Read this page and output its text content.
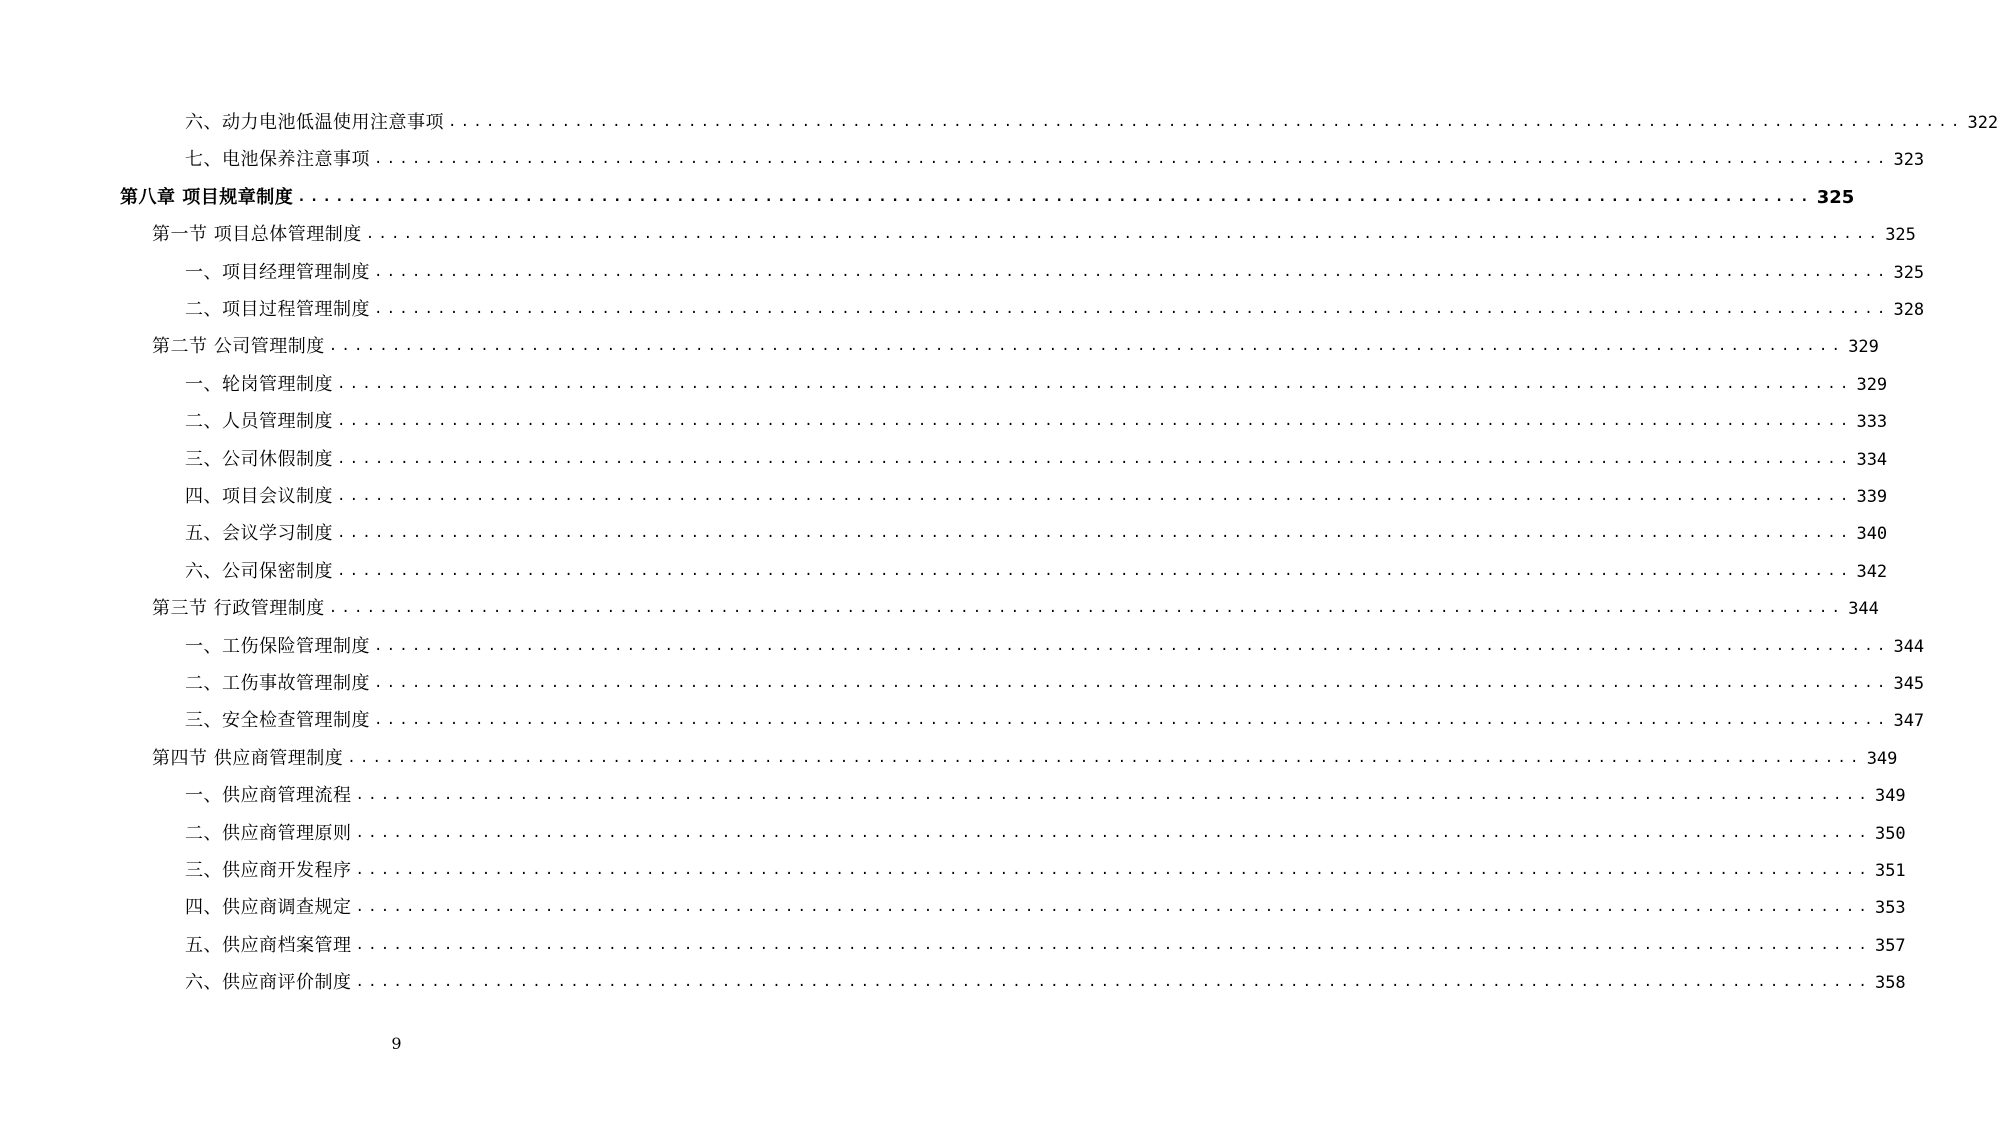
六、动力电池低温使用注意事项 ........................................................................................................................ 322
七、电池保养注意事项 ........................................................................................................................ 323
第八章 项目规章制度 ........................................................................................................................ 325
第一节 项目总体管理制度 ........................................................................................................................ 325
一、项目经理管理制度 ........................................................................................................................ 325
二、项目过程管理制度 ........................................................................................................................ 328
第二节 公司管理制度 ........................................................................................................................ 329
一、轮岗管理制度 ........................................................................................................................ 329
二、人员管理制度 ........................................................................................................................ 333
三、公司休假制度 ........................................................................................................................ 334
四、项目会议制度 ........................................................................................................................ 339
五、会议学习制度 ........................................................................................................................ 340
六、公司保密制度 ........................................................................................................................ 342
第三节 行政管理制度 ........................................................................................................................ 344
一、工伤保险管理制度 ........................................................................................................................ 344
二、工伤事故管理制度 ........................................................................................................................ 345
三、安全检查管理制度 ........................................................................................................................ 347
第四节 供应商管理制度 ........................................................................................................................ 349
一、供应商管理流程 ........................................................................................................................ 349
二、供应商管理原则 ........................................................................................................................ 350
三、供应商开发程序 ........................................................................................................................ 351
四、供应商调查规定 ........................................................................................................................ 353
五、供应商档案管理 ........................................................................................................................ 357
六、供应商评价制度 ........................................................................................................................ 358
9
